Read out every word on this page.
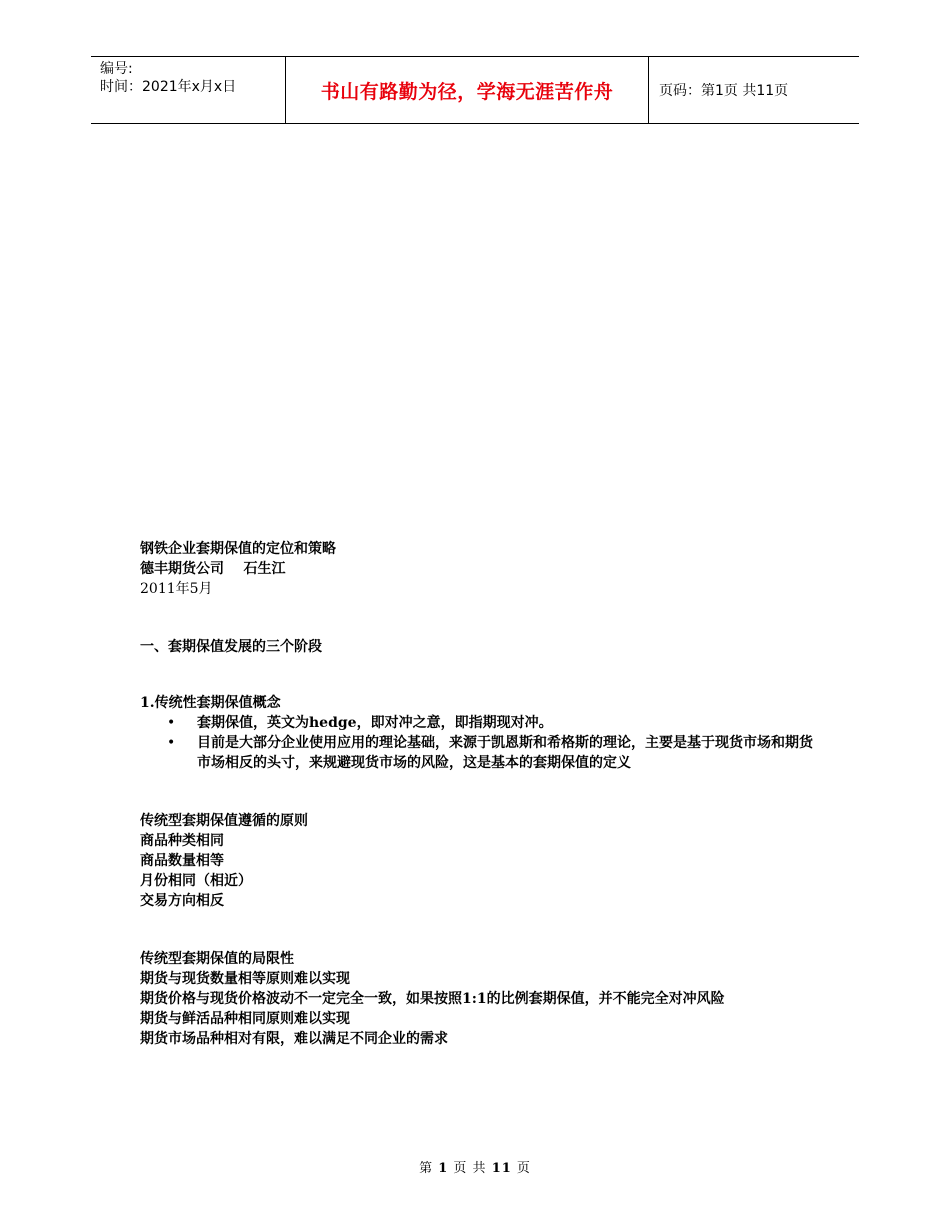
编号:
时间：2021年x月x日	书山有路勤为径，学海无涯苦作舟	页码：第1页 共11页
钢铁企业套期保值的定位和策略
德丰期货公司    石生江
2011年5月
一、套期保值发展的三个阶段
1.传统性套期保值概念
• 套期保值，英文为hedge，即对冲之意，即指期现对冲。
• 目前是大部分企业使用应用的理论基础，来源于凯恩斯和希格斯的理论，主要是基于现货市场和期货市场相反的头寸，来规避现货市场的风险，这是基本的套期保值的定义
传统型套期保值遵循的原则
商品种类相同
商品数量相等
月份相同（相近）
交易方向相反
传统型套期保值的局限性
期货与现货数量相等原则难以实现
期货价格与现货价格波动不一定完全一致，如果按照1:1的比例套期保值，并不能完全对冲风险
期货与鲜活品种相同原则难以实现
期货市场品种相对有限，难以满足不同企业的需求
第 1 页 共 11 页
